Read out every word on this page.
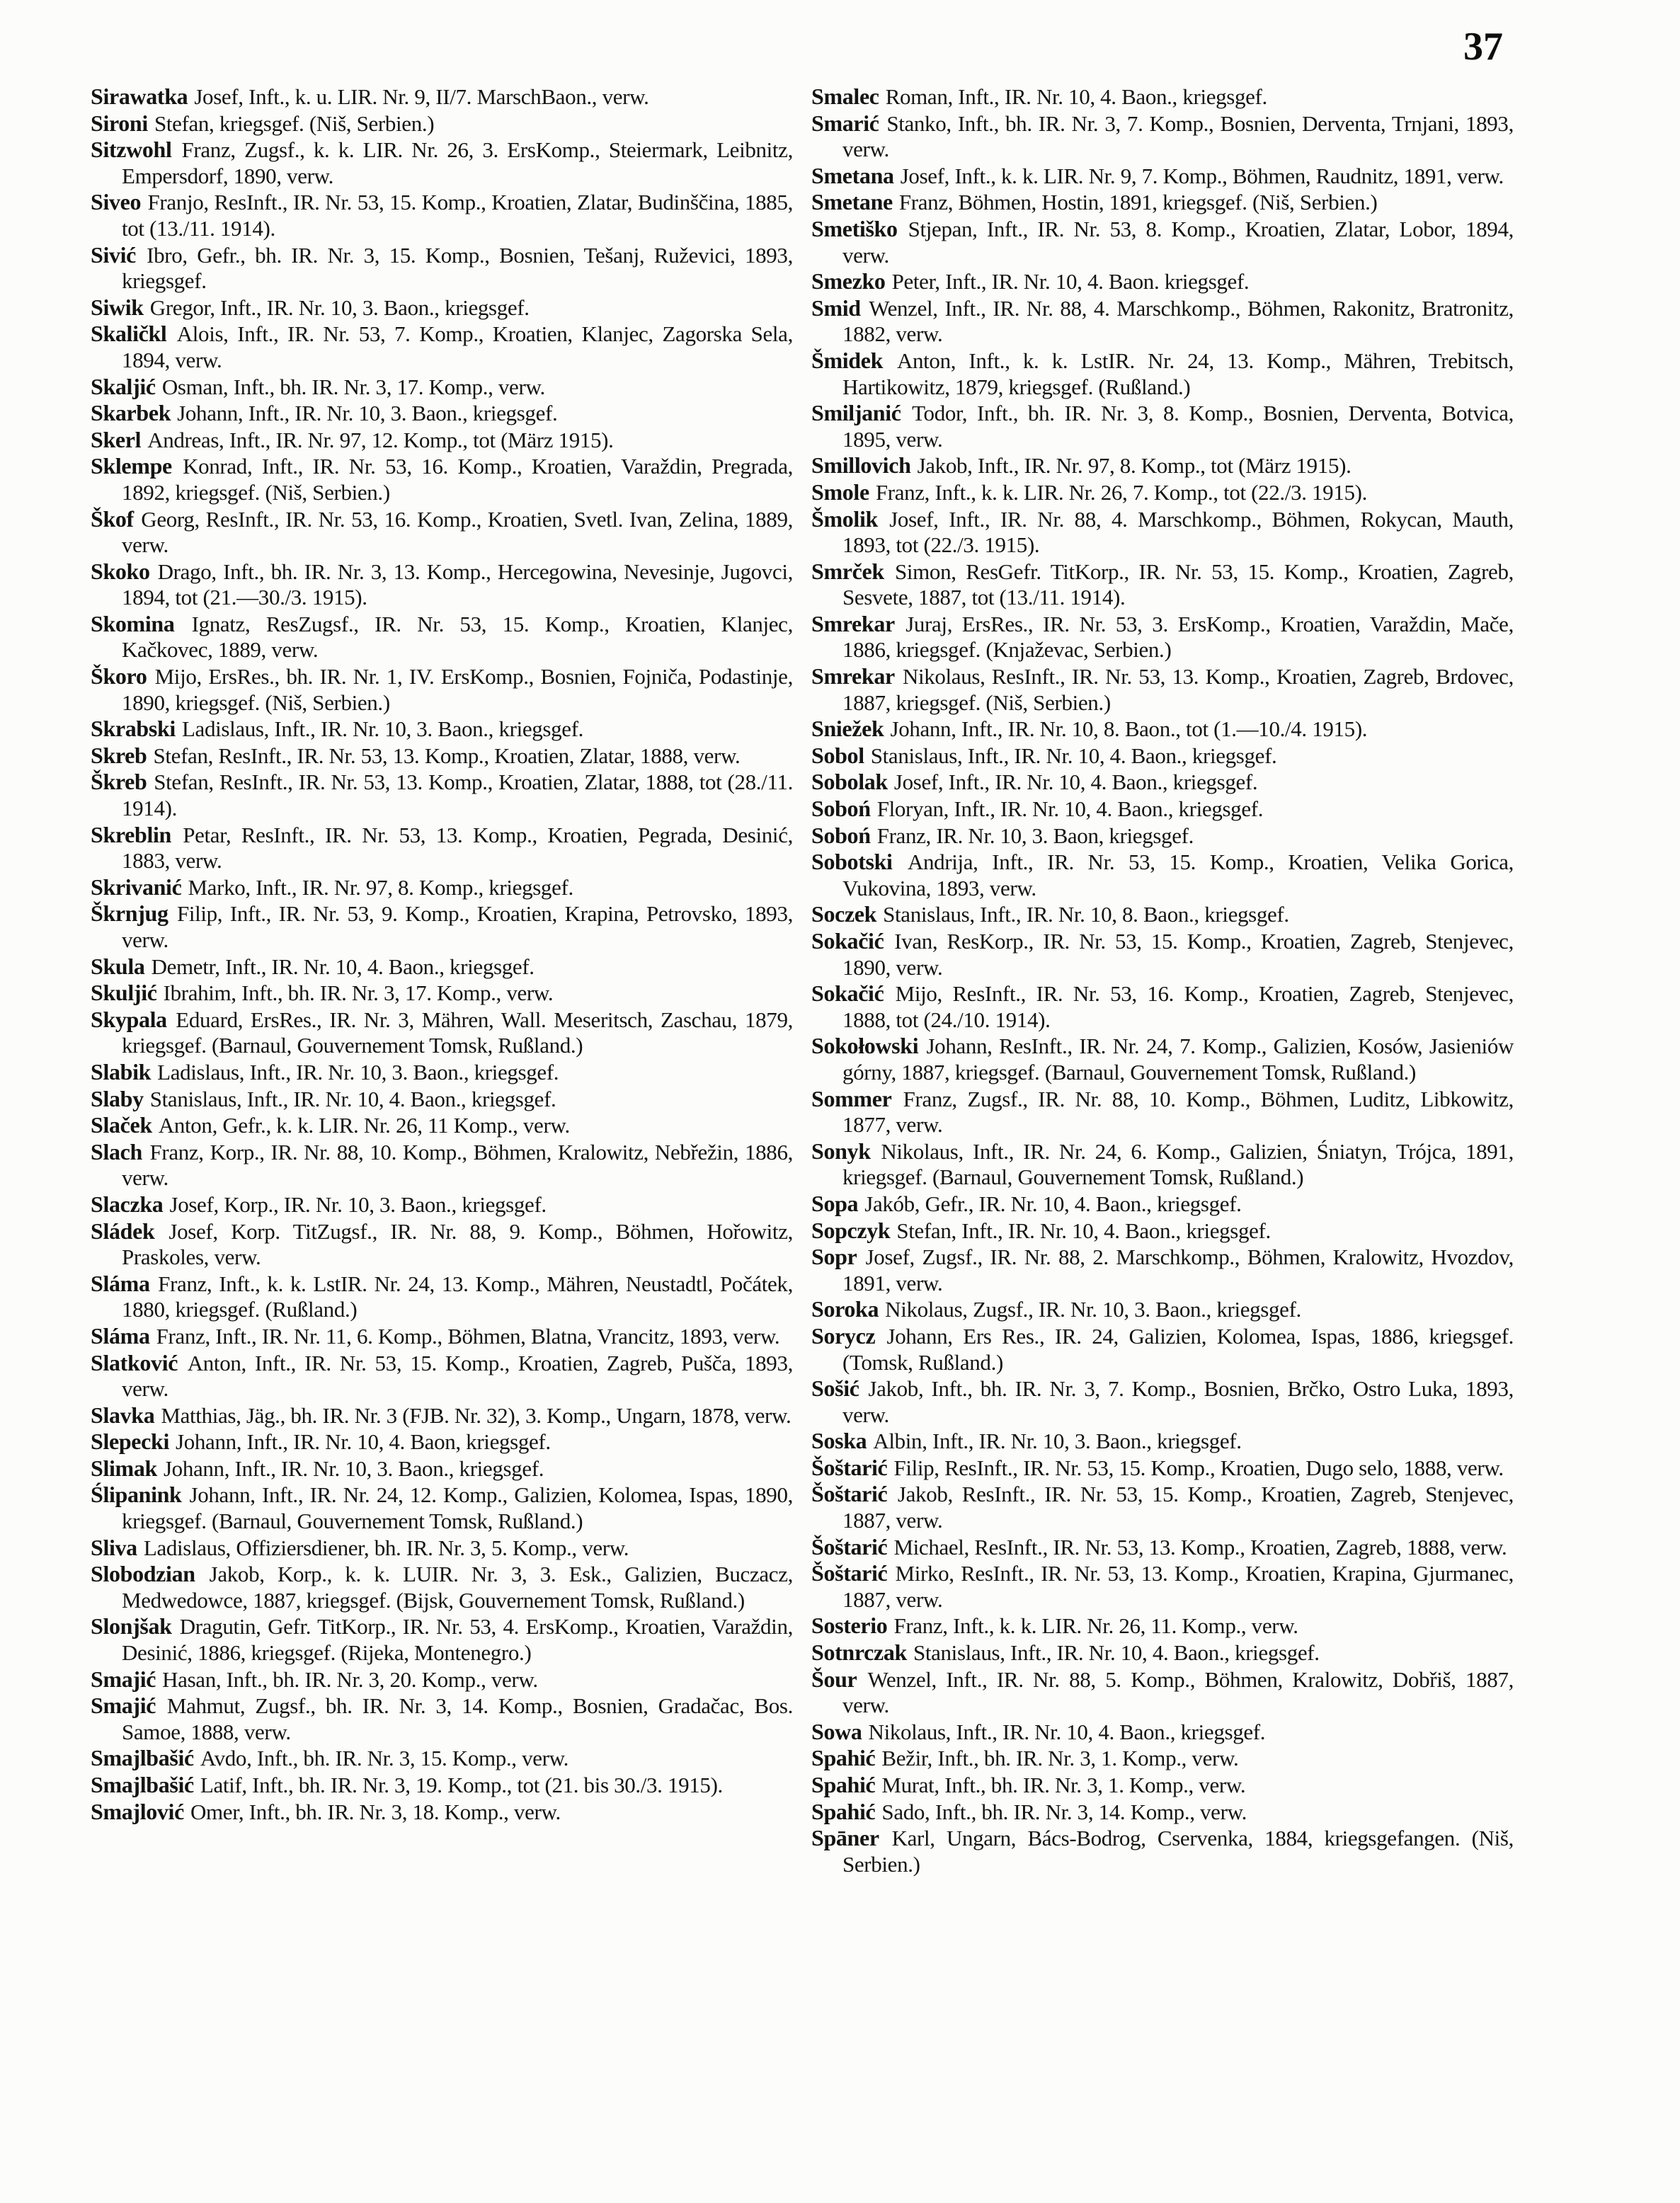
37

Sirawatka Josef, Inft., k. u. LIR. Nr. 9, II/7. MarschBaon., verw.

Sironi Stefan, kriegsgef. (Niš, Serbien.)

Sitzwohl Franz, Zugsf., k. k. LIR. Nr. 26, 3. ErsKomp., Steiermark, Leibnitz, Empersdorf, 1890, verw.

Siveo Franjo, ResInft., IR. Nr. 53, 15. Komp., Kroatien, Zlatar, Budinščina, 1885, tot (13./11. 1914).

Sivić Ibro, Gefr., bh. IR. Nr. 3, 15. Komp., Bosnien, Tešanj, Ruževici, 1893, kriegsgef.

Siwik Gregor, Inft., IR. Nr. 10, 3. Baon., kriegsgef.

Skaličkl Alois, Inft., IR. Nr. 53, 7. Komp., Kroatien, Klanjec, Zagorska Sela, 1894, verw.

Skaljić Osman, Inft., bh. IR. Nr. 3, 17. Komp., verw.

Skarbek Johann, Inft., IR. Nr. 10, 3. Baon., kriegsgef.

Skerl Andreas, Inft., IR. Nr. 97, 12. Komp., tot (März 1915).

Sklempe Konrad, Inft., IR. Nr. 53, 16. Komp., Kroatien, Varaždin, Pregrada, 1892, kriegsgef. (Niš, Serbien.)

Škof Georg, ResInft., IR. Nr. 53, 16. Komp., Kroatien, Svetl. Ivan, Zelina, 1889, verw.

Skoko Drago, Inft., bh. IR. Nr. 3, 13. Komp., Hercegowina, Nevesinje, Jugovci, 1894, tot (21.—30./3. 1915).

Skomina Ignatz, ResZugsf., IR. Nr. 53, 15. Komp., Kroatien, Klanjec, Kačkovec, 1889, verw.

Škoro Mijo, ErsRes., bh. IR. Nr. 1, IV. ErsKomp., Bosnien, Fojniča, Podastinje, 1890, kriegsgef. (Niš, Serbien.)

Skrabski Ladislaus, Inft., IR. Nr. 10, 3. Baon., kriegsgef.

Skreb Stefan, ResInft., IR. Nr. 53, 13. Komp., Kroatien, Zlatar, 1888, verw.

Škreb Stefan, ResInft., IR. Nr. 53, 13. Komp., Kroatien, Zlatar, 1888, tot (28./11. 1914).

Skreblin Petar, ResInft., IR. Nr. 53, 13. Komp., Kroatien, Pegrada, Desinić, 1883, verw.

Skrivanić Marko, Inft., IR. Nr. 97, 8. Komp., kriegsgef.

Škrnjug Filip, Inft., IR. Nr. 53, 9. Komp., Kroatien, Krapina, Petrovsko, 1893, verw.

Skula Demetr, Inft., IR. Nr. 10, 4. Baon., kriegsgef.

Skuljić Ibrahim, Inft., bh. IR. Nr. 3, 17. Komp., verw.

Skypala Eduard, ErsRes., IR. Nr. 3, Mähren, Wall. Meseritsch, Zaschau, 1879, kriegsgef. (Barnaul, Gouvernement Tomsk, Rußland.)

Slabik Ladislaus, Inft., IR. Nr. 10, 3. Baon., kriegsgef.

Slaby Stanislaus, Inft., IR. Nr. 10, 4. Baon., kriegsgef.

Slaček Anton, Gefr., k. k. LIR. Nr. 26, 11 Komp., verw.

Slach Franz, Korp., IR. Nr. 88, 10. Komp., Böhmen, Kralowitz, Nebřežin, 1886, verw.

Slaczka Josef, Korp., IR. Nr. 10, 3. Baon., kriegsgef.

Sládek Josef, Korp. TitZugsf., IR. Nr. 88, 9. Komp., Böhmen, Hořowitz, Praskoles, verw.

Sláma Franz, Inft., k. k. LstIR. Nr. 24, 13. Komp., Mähren, Neustadtl, Počátek, 1880, kriegsgef. (Rußland.)

Sláma Franz, Inft., IR. Nr. 11, 6. Komp., Böhmen, Blatna, Vrancitz, 1893, verw.

Slatković Anton, Inft., IR. Nr. 53, 15. Komp., Kroatien, Zagreb, Pušča, 1893, verw.

Slavka Matthias, Jäg., bh. IR. Nr. 3 (FJB. Nr. 32), 3. Komp., Ungarn, 1878, verw.

Slepecki Johann, Inft., IR. Nr. 10, 4. Baon, kriegsgef.

Slimak Johann, Inft., IR. Nr. 10, 3. Baon., kriegsgef.

Ślipanink Johann, Inft., IR. Nr. 24, 12. Komp., Galizien, Kolomea, Ispas, 1890, kriegsgef. (Barnaul, Gouvernement Tomsk, Rußland.)

Sliva Ladislaus, Offiziersdiener, bh. IR. Nr. 3, 5. Komp., verw.

Slobodzian Jakob, Korp., k. k. LUIR. Nr. 3, 3. Esk., Galizien, Buczacz, Medwedowce, 1887, kriegsgef. (Bijsk, Gouvernement Tomsk, Rußland.)

Slonjšak Dragutin, Gefr. TitKorp., IR. Nr. 53, 4. ErsKomp., Kroatien, Varaždin, Desinić, 1886, kriegsgef. (Rijeka, Montenegro.)

Smajić Hasan, Inft., bh. IR. Nr. 3, 20. Komp., verw.

Smajić Mahmut, Zugsf., bh. IR. Nr. 3, 14. Komp., Bosnien, Gradačac, Bos. Samoe, 1888, verw.

Smajlbašić Avdo, Inft., bh. IR. Nr. 3, 15. Komp., verw.

Smajlbašić Latif, Inft., bh. IR. Nr. 3, 19. Komp., tot (21. bis 30./3. 1915).

Smajlović Omer, Inft., bh. IR. Nr. 3, 18. Komp., verw.

Smalec Roman, Inft., IR. Nr. 10, 4. Baon., kriegsgef.

Smarić Stanko, Inft., bh. IR. Nr. 3, 7. Komp., Bosnien, Derventa, Trnjani, 1893, verw.

Smetana Josef, Inft., k. k. LIR. Nr. 9, 7. Komp., Böhmen, Raudnitz, 1891, verw.

Smetane Franz, Böhmen, Hostin, 1891, kriegsgef. (Niš, Serbien.)

Smetiško Stjepan, Inft., IR. Nr. 53, 8. Komp., Kroatien, Zlatar, Lobor, 1894, verw.

Smezko Peter, Inft., IR. Nr. 10, 4. Baon. kriegsgef.

Smid Wenzel, Inft., IR. Nr. 88, 4. Marschkomp., Böhmen, Rakonitz, Bratronitz, 1882, verw.

Šmidek Anton, Inft., k. k. LstIR. Nr. 24, 13. Komp., Mähren, Trebitsch, Hartikowitz, 1879, kriegsgef. (Rußland.)

Smiljanić Todor, Inft., bh. IR. Nr. 3, 8. Komp., Bosnien, Derventa, Botvica, 1895, verw.

Smillovich Jakob, Inft., IR. Nr. 97, 8. Komp., tot (März 1915).

Smole Franz, Inft., k. k. LIR. Nr. 26, 7. Komp., tot (22./3. 1915).

Šmolik Josef, Inft., IR. Nr. 88, 4. Marschkomp., Böhmen, Rokycan, Mauth, 1893, tot (22./3. 1915).

Smrček Simon, ResGefr. TitKorp., IR. Nr. 53, 15. Komp., Kroatien, Zagreb, Sesvete, 1887, tot (13./11. 1914).

Smrekar Juraj, ErsRes., IR. Nr. 53, 3. ErsKomp., Kroatien, Varaždin, Mače, 1886, kriegsgef. (Knjaževac, Serbien.)

Smrekar Nikolaus, ResInft., IR. Nr. 53, 13. Komp., Kroatien, Zagreb, Brdovec, 1887, kriegsgef. (Niš, Serbien.)

Sniežek Johann, Inft., IR. Nr. 10, 8. Baon., tot (1.—10./4. 1915).

Sobol Stanislaus, Inft., IR. Nr. 10, 4. Baon., kriegsgef.

Sobolak Josef, Inft., IR. Nr. 10, 4. Baon., kriegsgef.

Soboń Floryan, Inft., IR. Nr. 10, 4. Baon., kriegsgef.

Soboń Franz, IR. Nr. 10, 3. Baon, kriegsgef.

Sobotski Andrija, Inft., IR. Nr. 53, 15. Komp., Kroatien, Velika Gorica, Vukovina, 1893, verw.

Soczek Stanislaus, Inft., IR. Nr. 10, 8. Baon., kriegsgef.

Sokačić Ivan, ResKorp., IR. Nr. 53, 15. Komp., Kroatien, Zagreb, Stenjevec, 1890, verw.

Sokačić Mijo, ResInft., IR. Nr. 53, 16. Komp., Kroatien, Zagreb, Stenjevec, 1888, tot (24./10. 1914).

Sokołowski Johann, ResInft., IR. Nr. 24, 7. Komp., Galizien, Kosów, Jasieniów górny, 1887, kriegsgef. (Barnaul, Gouvernement Tomsk, Rußland.)

Sommer Franz, Zugsf., IR. Nr. 88, 10. Komp., Böhmen, Luditz, Libkowitz, 1877, verw.

Sonyk Nikolaus, Inft., IR. Nr. 24, 6. Komp., Galizien, Śniatyn, Trójca, 1891, kriegsgef. (Barnaul, Gouvernement Tomsk, Rußland.)

Sopa Jakób, Gefr., IR. Nr. 10, 4. Baon., kriegsgef.

Sopczyk Stefan, Inft., IR. Nr. 10, 4. Baon., kriegsgef.

Sopr Josef, Zugsf., IR. Nr. 88, 2. Marschkomp., Böhmen, Kralowitz, Hvozdov, 1891, verw.

Soroka Nikolaus, Zugsf., IR. Nr. 10, 3. Baon., kriegsgef.

Sorycz Johann, Ers Res., IR. 24, Galizien, Kolomea, Ispas, 1886, kriegsgef. (Tomsk, Rußland.)

Sošić Jakob, Inft., bh. IR. Nr. 3, 7. Komp., Bosnien, Brčko, Ostro Luka, 1893, verw.

Soska Albin, Inft., IR. Nr. 10, 3. Baon., kriegsgef.

Šoštarić Filip, ResInft., IR. Nr. 53, 15. Komp., Kroatien, Dugo selo, 1888, verw.

Šoštarić Jakob, ResInft., IR. Nr. 53, 15. Komp., Kroatien, Zagreb, Stenjevec, 1887, verw.

Šoštarić Michael, ResInft., IR. Nr. 53, 13. Komp., Kroatien, Zagreb, 1888, verw.

Šoštarić Mirko, ResInft., IR. Nr. 53, 13. Komp., Kroatien, Krapina, Gjurmanec, 1887, verw.

Sosterio Franz, Inft., k. k. LIR. Nr. 26, 11. Komp., verw.

Sotnrczak Stanislaus, Inft., IR. Nr. 10, 4. Baon., kriegsgef.

Šour Wenzel, Inft., IR. Nr. 88, 5. Komp., Böhmen, Kralowitz, Dobřiš, 1887, verw.

Sowa Nikolaus, Inft., IR. Nr. 10, 4. Baon., kriegsgef.

Spahić Bežir, Inft., bh. IR. Nr. 3, 1. Komp., verw.

Spahić Murat, Inft., bh. IR. Nr. 3, 1. Komp., verw.

Spahić Sado, Inft., bh. IR. Nr. 3, 14. Komp., verw.

Spāner Karl, Ungarn, Bács-Bodrog, Cservenka, 1884, kriegsgefangen. (Niš, Serbien.)
